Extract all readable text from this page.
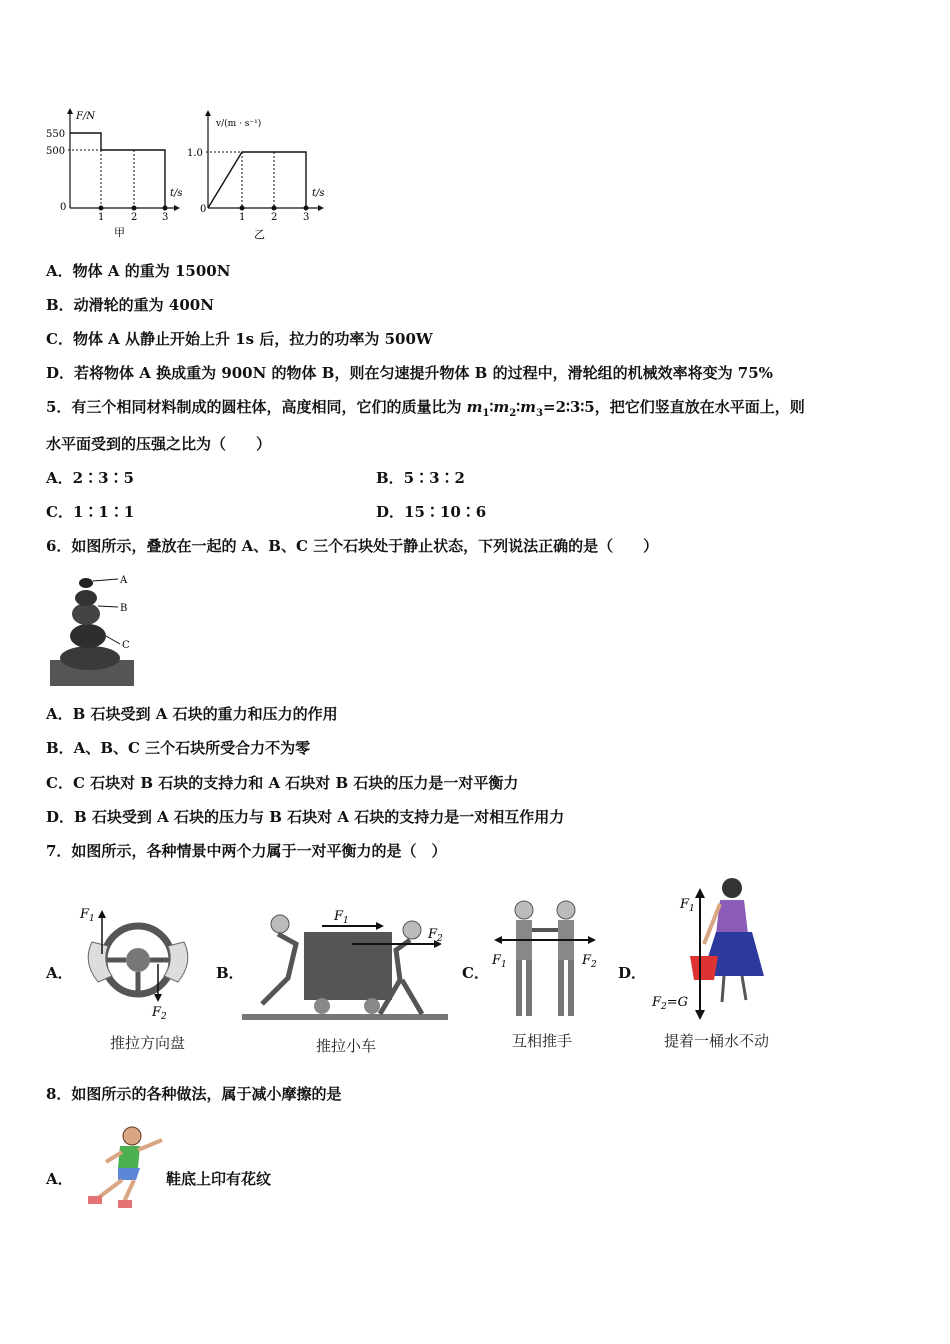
F/N
550
500
t/s
0
1	2 3
甲
v/(m · s⁻¹)
1.0
t/s
0
1	2	3
乙
A．物体 A 的重为 1500N
B．动滑轮的重为 400N
C．物体 A 从静止开始上升 1s 后，拉力的功率为 500W
D．若将物体 A 换成重为 900N 的物体 B，则在匀速提升物体 B 的过程中，滑轮组的机械效率将变为 75%
5．有三个相同材料制成的圆柱体，高度相同，它们的质量比为 $m_1∶m_2∶m_3=2∶3∶5$，把它们竖直放在水平面上，则
水平面受到的压强之比为（　　）
A．2∶3∶5	B．5∶3∶2
C．1∶1∶1	D．15∶10∶6
6．如图所示，叠放在一起的 A、B、C 三个石块处于静止状态，下列说法正确的是（　　）
A
B
C
A．B 石块受到 A 石块的重力和压力的作用
B．A、B、C 三个石块所受合力不为零
C．C 石块对 B 石块的支持力和 A 石块对 B 石块的压力是一对平衡力
D．B 石块受到 A 石块的压力与 B 石块对 A 石块的支持力是一对相互作用力
7．如图所示，各种情景中两个力属于一对平衡力的是（　）
A．
$F_1$
$F_2$
推拉方向盘
B．
$F_1$
$F_2$
推拉小车
C．
$F_1$	$F_2$
互相推手
D．
$F_1$
$F_2=G$
提着一桶水不动
8．如图所示的各种做法，属于减小摩擦的是
A．	鞋底上印有花纹
